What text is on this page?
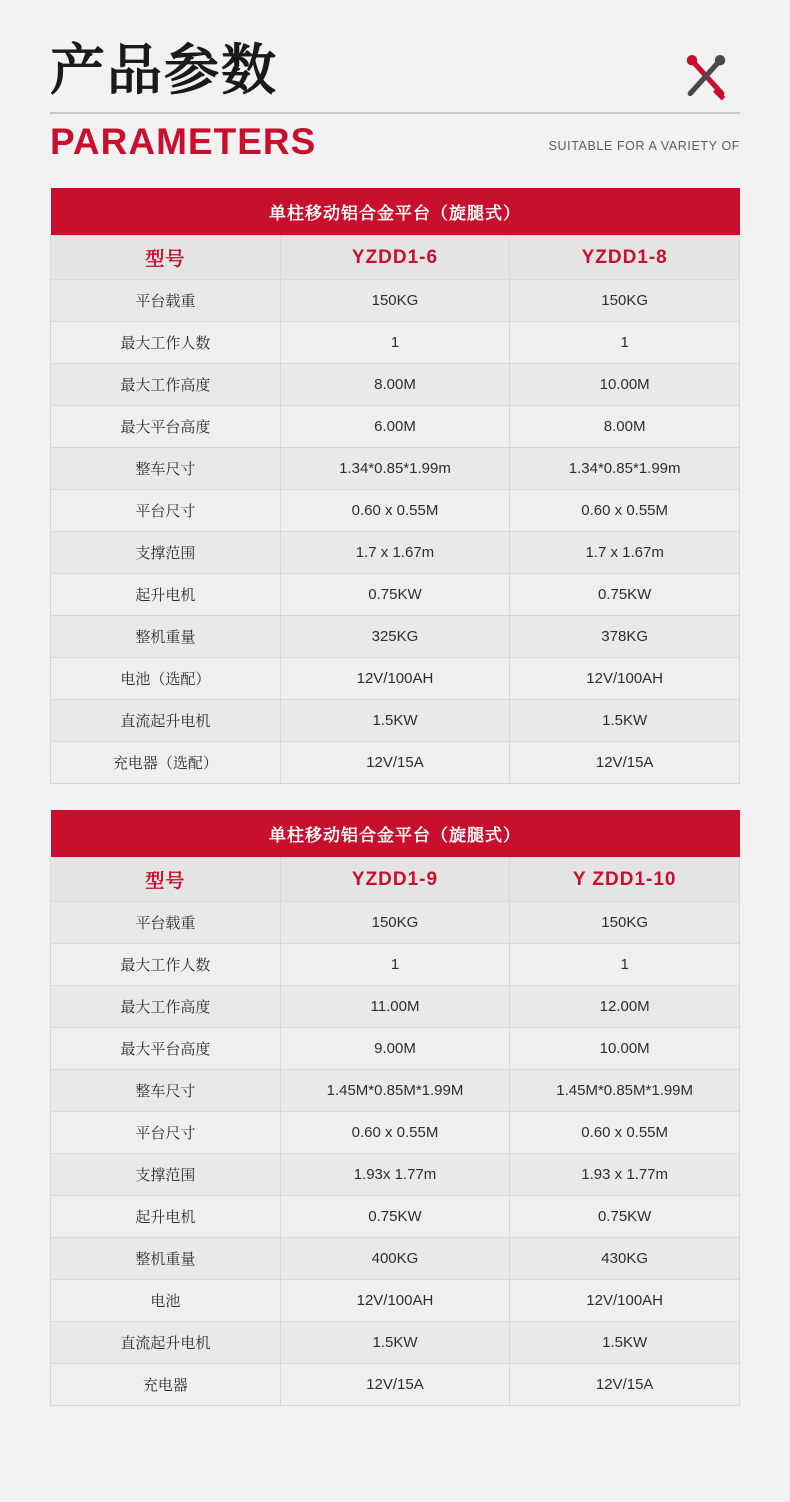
产品参数
PARAMETERS	SUITABLE FOR A VARIETY OF
单柱移动铝合金平台（旋腿式）		
型号	YZDD1-6	YZDD1-8
平台载重	150KG	150KG
最大工作人数	1	1
最大工作高度	8.00M	10.00M
最大平台高度	6.00M	8.00M
整车尺寸	1.34*0.85*1.99m	1.34*0.85*1.99m
平台尺寸	0.60 x 0.55M	0.60 x 0.55M
支撑范围	1.7 x 1.67m	1.7 x 1.67m
起升电机	0.75KW	0.75KW
整机重量	325KG	378KG
电池（选配）	12V/100AH	12V/100AH
直流起升电机	1.5KW	1.5KW
充电器（选配）	12V/15A	12V/15A
单柱移动铝合金平台（旋腿式）		
型号	YZDD1-9	Y ZDD1-10
平台载重	150KG	150KG
最大工作人数	1	1
最大工作高度	11.00M	12.00M
最大平台高度	9.00M	10.00M
整车尺寸	1.45M*0.85M*1.99M	1.45M*0.85M*1.99M
平台尺寸	0.60 x 0.55M	0.60 x 0.55M
支撑范围	1.93x 1.77m	1.93 x 1.77m
起升电机	0.75KW	0.75KW
整机重量	400KG	430KG
电池	12V/100AH	12V/100AH
直流起升电机	1.5KW	1.5KW
充电器	12V/15A	12V/15A
